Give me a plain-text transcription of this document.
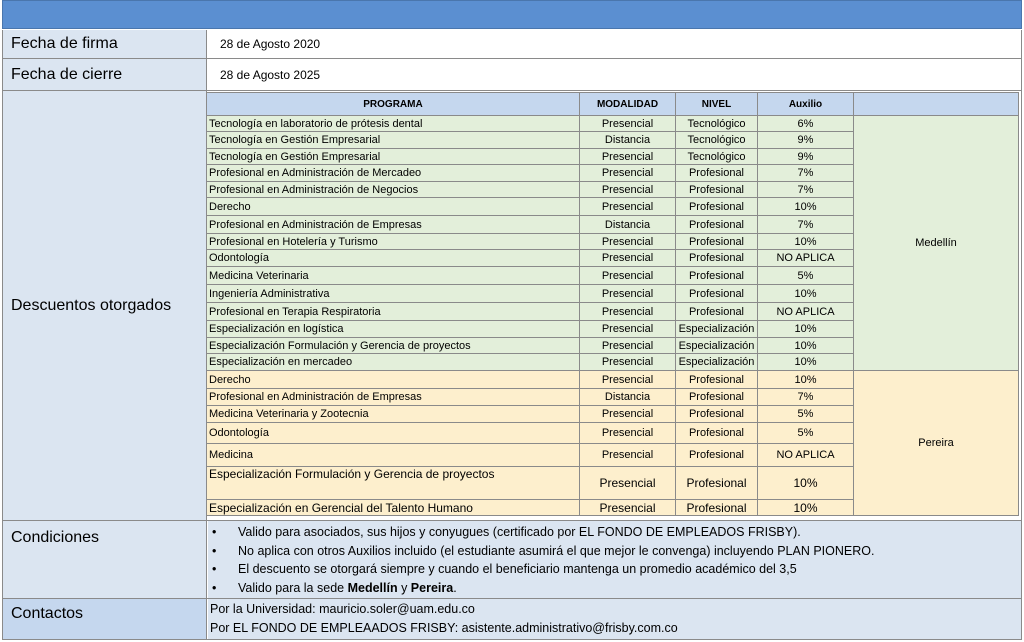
Fecha de firma	28 de Agosto 2020
Fecha de cierre	28 de Agosto 2025
Descuentos otorgados
PROGRAMA	MODALIDAD	NIVEL	Auxilio	
Tecnología en laboratorio de prótesis dental	Presencial	Tecnológico	6%	Medellín
Tecnología en Gestión Empresarial	Distancia	Tecnológico	9%	
Tecnología en Gestión Empresarial	Presencial	Tecnológico	9%	
Profesional en Administración de Mercadeo	Presencial	Profesional	7%	
Profesional en Administración de Negocios	Presencial	Profesional	7%	
Derecho	Presencial	Profesional	10%	
Profesional en Administración de Empresas	Distancia	Profesional	7%	
Profesional en Hotelería y Turismo	Presencial	Profesional	10%	
Odontología	Presencial	Profesional	NO APLICA	
Medicina Veterinaria	Presencial	Profesional	5%	
Ingeniería Administrativa	Presencial	Profesional	10%	
Profesional en Terapia Respiratoria	Presencial	Profesional	NO APLICA	
Especialización en logística	Presencial	Especialización	10%	
Especialización Formulación y Gerencia de proyectos	Presencial	Especialización	10%	
Especialización en mercadeo	Presencial	Especialización	10%	
Derecho	Presencial	Profesional	10%	Pereira
Profesional en Administración de Empresas	Distancia	Profesional	7%	
Medicina Veterinaria y Zootecnia	Presencial	Profesional	5%	
Odontología	Presencial	Profesional	5%	
Medicina	Presencial	Profesional	NO APLICA	
Especialización Formulación y Gerencia de proyectos	Presencial	Profesional	10%	
Especialización en Gerencial del Talento Humano	Presencial	Profesional	10%	
Condiciones	• Valido para asociados, sus hijos y conyugues (certificado por EL FONDO DE EMPLEADOS FRISBY).
• No aplica con otros Auxilios incluido (el estudiante asumirá el que mejor le convenga) incluyendo PLAN PIONERO.
• El descuento se otorgará siempre y cuando el beneficiario mantenga un promedio académico del 3,5
• Valido para la sede Medellín y Pereira.
Contactos	Por la Universidad: mauricio.soler@uam.edu.co
Por EL FONDO DE EMPLEAADOS FRISBY: asistente.administrativo@frisby.com.co
